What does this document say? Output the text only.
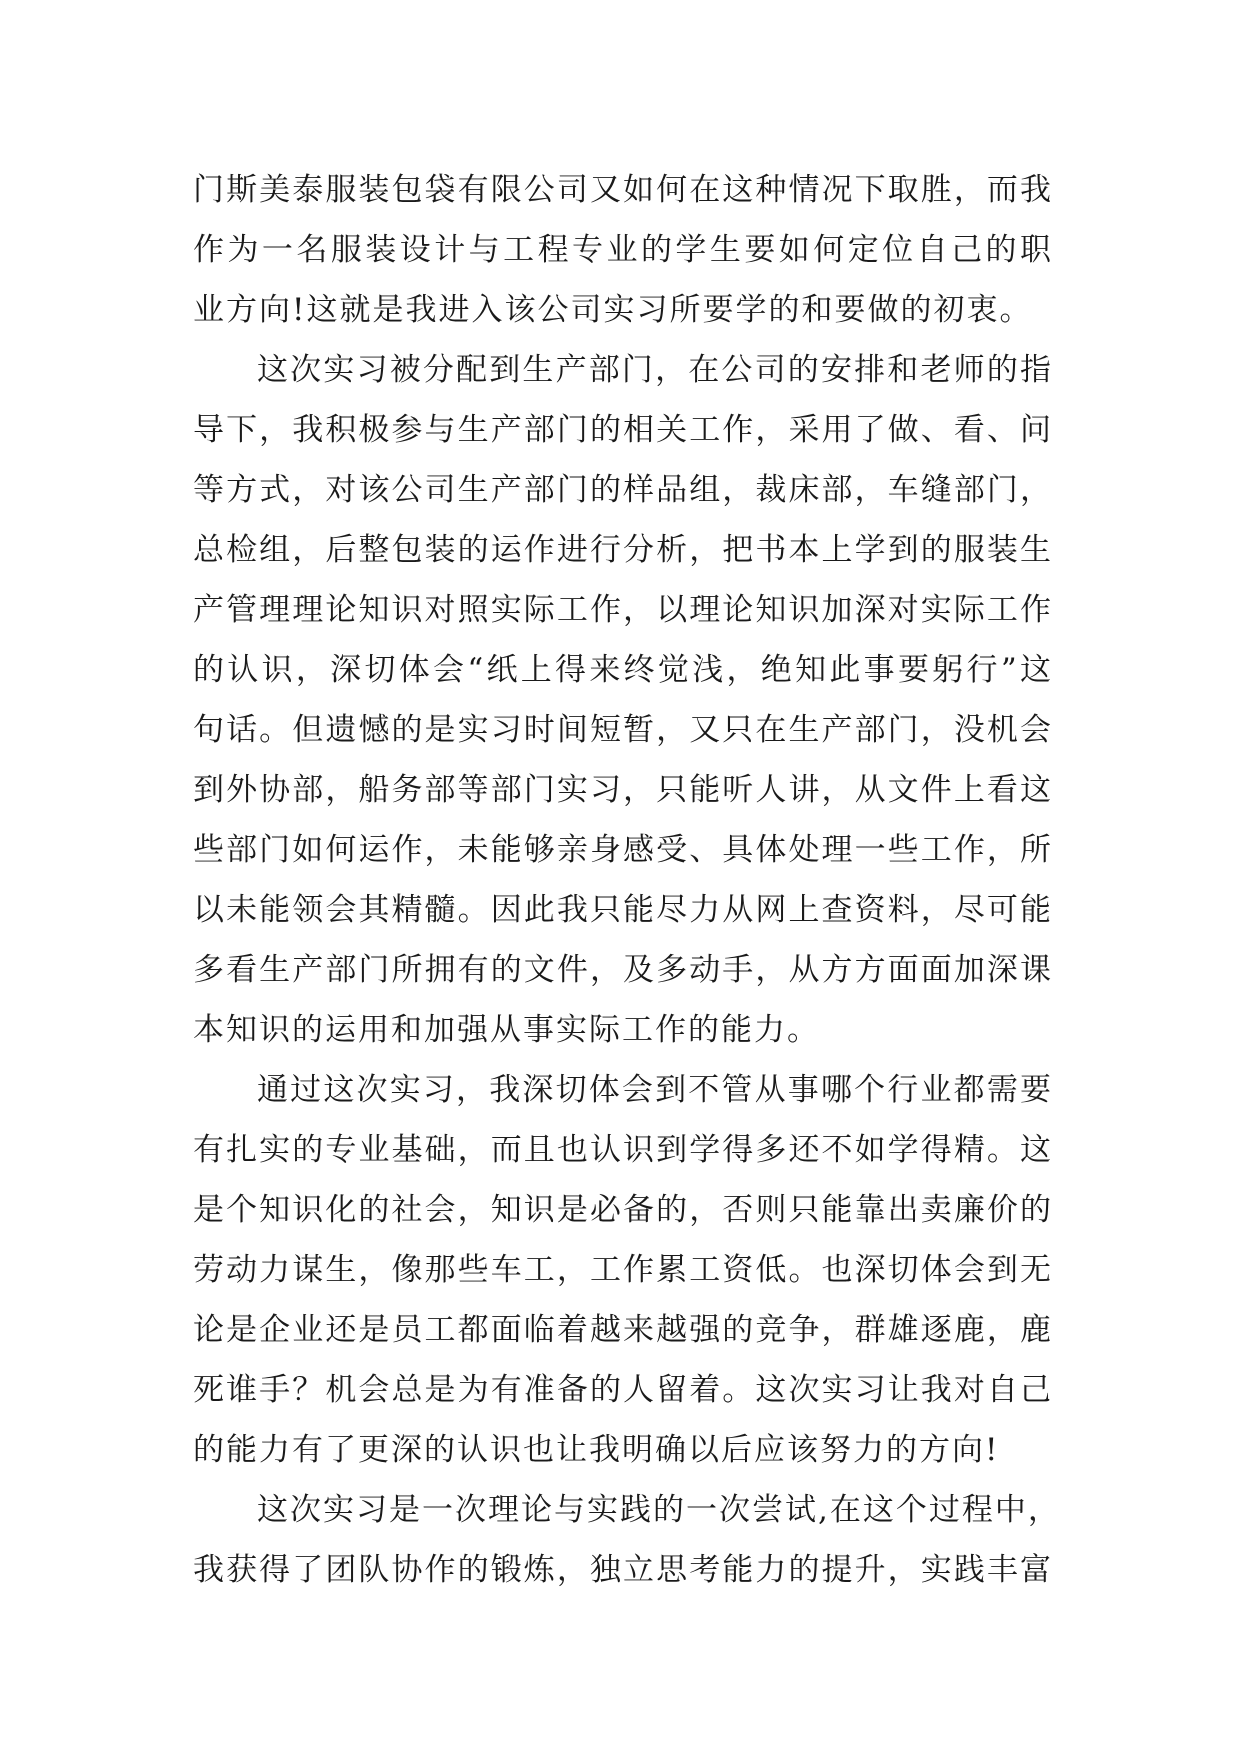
门斯美泰服装包袋有限公司又如何在这种情况下取胜，而我
作为一名服装设计与工程专业的学生要如何定位自己的职
业方向!这就是我进入该公司实习所要学的和要做的初衷。
这次实习被分配到生产部门，在公司的安排和老师的指
导下，我积极参与生产部门的相关工作，采用了做、看、问
等方式，对该公司生产部门的样品组，裁床部，车缝部门，
总检组，后整包装的运作进行分析，把书本上学到的服装生
产管理理论知识对照实际工作，以理论知识加深对实际工作
的认识，深切体会“纸上得来终觉浅，绝知此事要躬行”这
句话。但遗憾的是实习时间短暂，又只在生产部门，没机会
到外协部，船务部等部门实习，只能听人讲，从文件上看这
些部门如何运作，未能够亲身感受、具体处理一些工作，所
以未能领会其精髓。因此我只能尽力从网上查资料，尽可能
多看生产部门所拥有的文件，及多动手，从方方面面加深课
本知识的运用和加强从事实际工作的能力。
通过这次实习，我深切体会到不管从事哪个行业都需要
有扎实的专业基础，而且也认识到学得多还不如学得精。这
是个知识化的社会，知识是必备的，否则只能靠出卖廉价的
劳动力谋生，像那些车工，工作累工资低。也深切体会到无
论是企业还是员工都面临着越来越强的竞争，群雄逐鹿，鹿
死谁手？机会总是为有准备的人留着。这次实习让我对自己
的能力有了更深的认识也让我明确以后应该努力的方向!
这次实习是一次理论与实践的一次尝试,在这个过程中，
我获得了团队协作的锻炼，独立思考能力的提升，实践丰富
